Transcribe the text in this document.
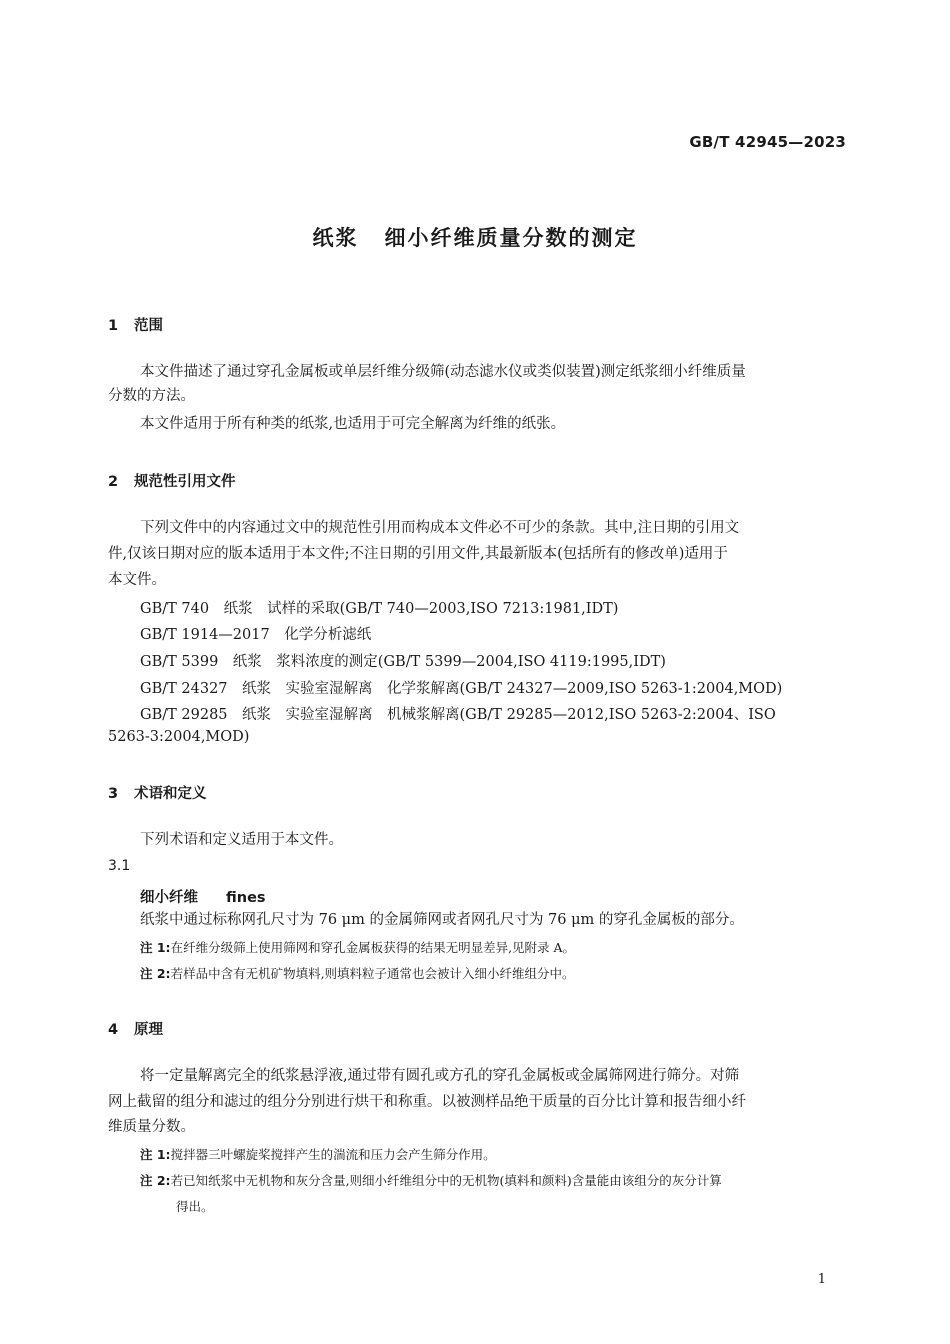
GB/T 42945—2023
纸浆 细小纤维质量分数的测定
1 范围
本文件描述了通过穿孔金属板或单层纤维分级筛(动态滤水仪或类似装置)测定纸浆细小纤维质量
分数的方法。
本文件适用于所有种类的纸浆,也适用于可完全解离为纤维的纸张。
2 规范性引用文件
下列文件中的内容通过文中的规范性引用而构成本文件必不可少的条款。其中,注日期的引用文
件,仅该日期对应的版本适用于本文件;不注日期的引用文件,其最新版本(包括所有的修改单)适用于
本文件。
GB/T 740　纸浆　试样的采取(GB/T 740—2003,ISO 7213:1981,IDT)
GB/T 1914—2017　化学分析滤纸
GB/T 5399　纸浆　浆料浓度的测定(GB/T 5399—2004,ISO 4119:1995,IDT)
GB/T 24327　纸浆　实验室湿解离　化学浆解离(GB/T 24327—2009,ISO 5263-1:2004,MOD)
GB/T 29285　纸浆　实验室湿解离　机械浆解离(GB/T 29285—2012,ISO 5263-2:2004、ISO
5263-3:2004,MOD)
3 术语和定义
下列术语和定义适用于本文件。
3.1
细小纤维 fines
纸浆中通过标称网孔尺寸为 76 μm 的金属筛网或者网孔尺寸为 76 μm 的穿孔金属板的部分。
注 1:在纤维分级筛上使用筛网和穿孔金属板获得的结果无明显差异,见附录 A。
注 2:若样品中含有无机矿物填料,则填料粒子通常也会被计入细小纤维组分中。
4 原理
将一定量解离完全的纸浆悬浮液,通过带有圆孔或方孔的穿孔金属板或金属筛网进行筛分。对筛
网上截留的组分和滤过的组分分别进行烘干和称重。以被测样品绝干质量的百分比计算和报告细小纤
维质量分数。
注 1:搅拌器三叶螺旋桨搅拌产生的湍流和压力会产生筛分作用。
注 2:若已知纸浆中无机物和灰分含量,则细小纤维组分中的无机物(填料和颜料)含量能由该组分的灰分计算
得出。
1
